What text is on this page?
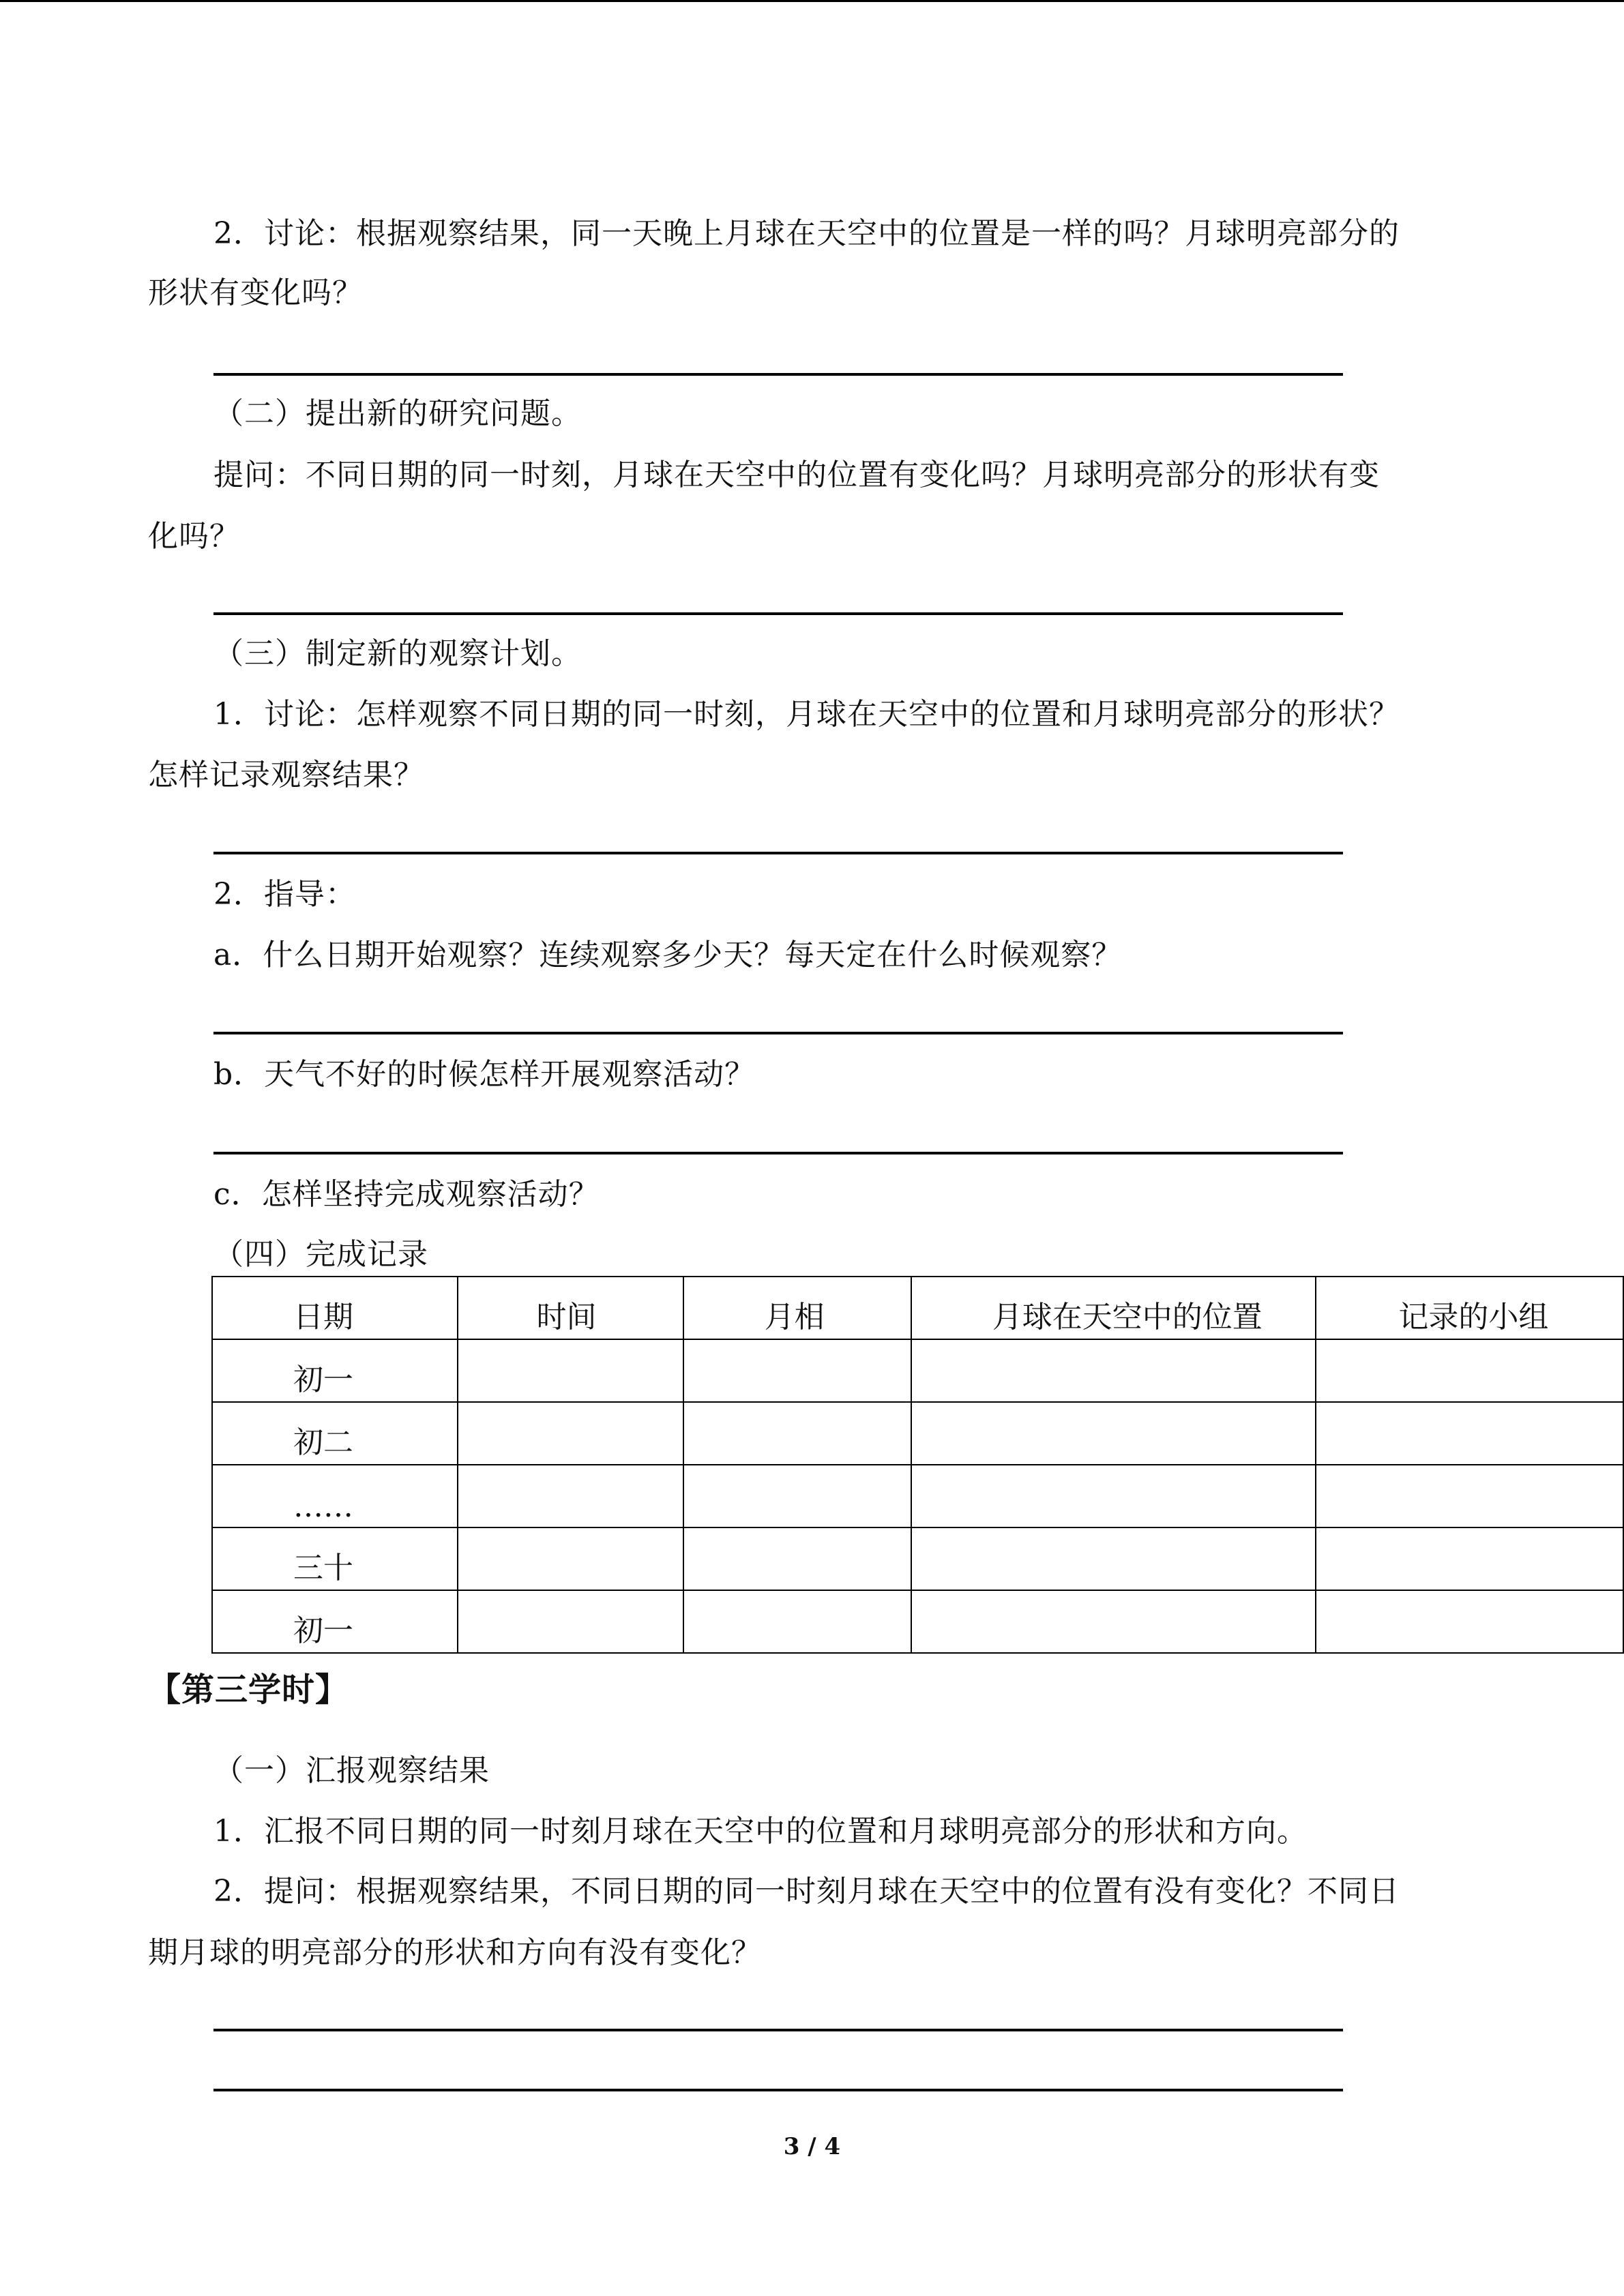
2．讨论：根据观察结果，同一天晚上月球在天空中的位置是一样的吗？月球明亮部分的
形状有变化吗？
（二）提出新的研究问题。
提问：不同日期的同一时刻，月球在天空中的位置有变化吗？月球明亮部分的形状有变
化吗？
（三）制定新的观察计划。
1．讨论：怎样观察不同日期的同一时刻，月球在天空中的位置和月球明亮部分的形状？
怎样记录观察结果？
2．指导：
a．什么日期开始观察？连续观察多少天？每天定在什么时候观察？
b．天气不好的时候怎样开展观察活动？
c．怎样坚持完成观察活动？
（四）完成记录
日期	时间	月相	月球在天空中的位置	记录的小组
初一				
初二				
……				
三十				
初一				
【第三学时】
（一）汇报观察结果
1．汇报不同日期的同一时刻月球在天空中的位置和月球明亮部分的形状和方向。
2．提问：根据观察结果，不同日期的同一时刻月球在天空中的位置有没有变化？不同日
期月球的明亮部分的形状和方向有没有变化？
3 / 4
